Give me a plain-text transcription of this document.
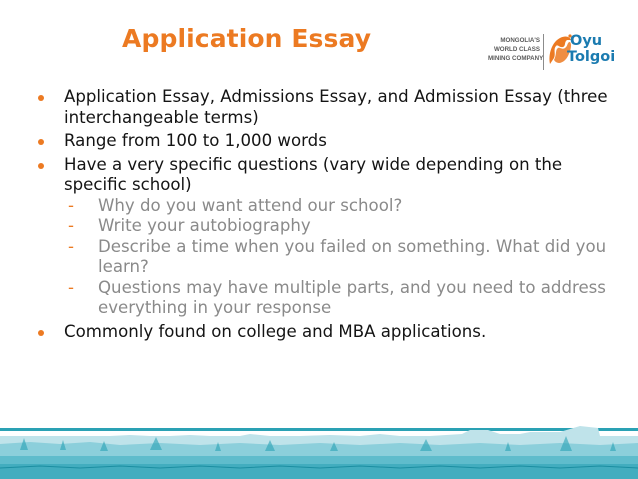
Application Essay	MONGOLIA'S
WORLD CLASS
MINING COMPANY
Oyu
Tolgoi
Application Essay, Admissions Essay, and Admission Essay (three interchangeable terms)
Range from 100 to 1,000 words
Have a very specific questions (vary wide depending on the specific school)
- Why do you want attend our school?
- Write your autobiography
- Describe a time when you failed on something. What did you learn?
- Questions may have multiple parts, and you need to address everything in your response
Commonly found on college and MBA applications.
